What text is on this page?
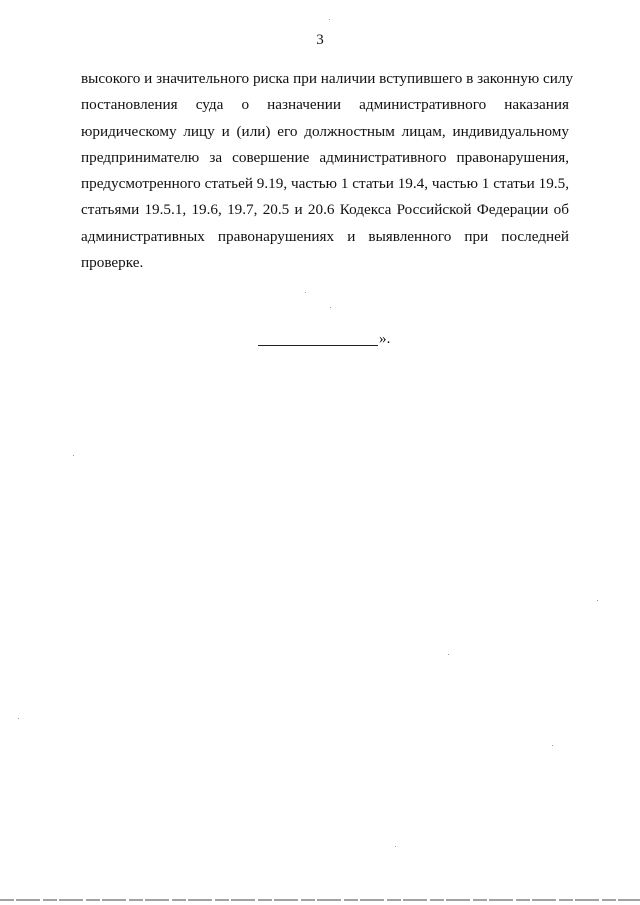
3
высокого и значительного риска при наличии вступившего в законную силу
постановления суда о назначении административного наказания
юридическому лицу и (или) его должностным лицам, индивидуальному
предпринимателю за совершение административного правонарушения,
предусмотренного статьей 9.19, частью 1 статьи 19.4, частью 1 статьи 19.5,
статьями 19.5.1, 19.6, 19.7, 20.5 и 20.6 Кодекса Российской Федерации об
административных правонарушениях и выявленного при последней
проверке.
».
